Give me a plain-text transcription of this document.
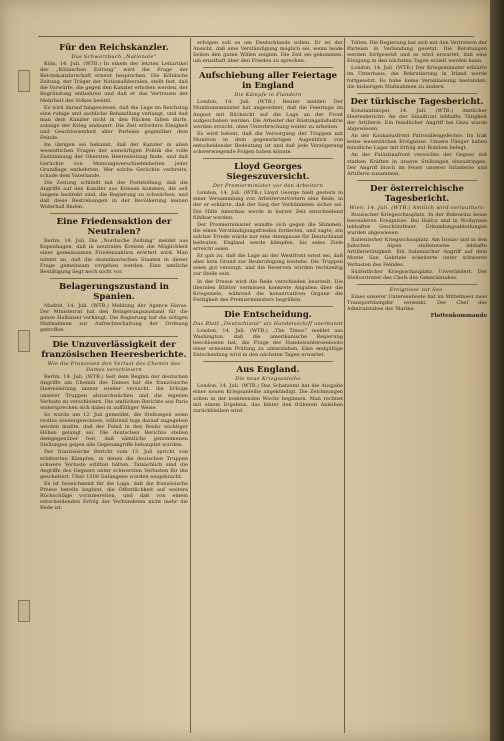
Für den Reichskanzler.
Das Schwarzbuch „Nationale“

Köln, 14. Juli. (WTB.) In einem der letzten Leitartikel der „Kölnischen Zeitung“ wird die Frage der Reichskanzlerschaft erneut besprochen. Die Kölnische Zeitung, der Träger der Nationalliberalen, stellt fest, daß die Vorwürfe, die gegen den Kanzler erhoben werden, der Begründung entbehren und daß er das Vertrauen der Mehrheit des Volkes besitzt.

Es wird darauf hingewiesen, daß die Lage im Reichstag eine ruhige und sachliche Behandlung verlangt, und daß man dem Kanzler nicht in den Rücken fallen dürfe, solange der Krieg andauert. Die Zeit erfordere Einigkeit und Geschlossenheit aller Parteien gegenüber dem Feinde.

Im übrigen sei bekannt, daß der Kanzler in allen wesentlichen Fragen der auswärtigen Politik die volle Zustimmung der Obersten Heeresleitung finde, und daß Gerüchte von Meinungsverschiedenheiten jeder Grundlage entbehrten. Wer solche Gerüchte verbreite, schade dem Vaterlande.

Die Zeitung schließt mit der Feststellung, daß die Angriffe auf den Kanzler aus Kreisen kommen, die seit langem bestrebt sind, die Regierung zu schwächen, und daß diese Bestrebungen in der Bevölkerung keinen Widerhall finden.

Eine Friedensaktion der Neutralen?

Berlin, 14. Juli. Die „Nordische Zeitung“ meldet aus Kopenhagen, daß in neutralen Kreisen die Möglichkeit einer gemeinsamen Friedensaktion erörtert wird. Man nimmt an, daß die skandinavischen Staaten in dieser Frage gemeinsam vorgehen werden. Eine amtliche Bestätigung liegt noch nicht vor.

Belagerungszustand in Spanien.

Madrid, 14. Juli. (WTB.) Meldung der Agence Havas. Der Ministerrat hat den Belagerungszustand für die ganze Halbinsel verhängt. Die Regierung hat die nötigen Maßnahmen zur Aufrechterhaltung der Ordnung getroffen.

Die Unzuverlässigkeit der französischen Heeresberichte.
Wie die Franzosen den Verlust des Chemin des Dames verschleiern

Berlin, 14. Juli. (WTB.) Seit dem Beginn der deutschen Angriffe am Chemin des Dames hat die französische Heeresleitung immer wieder versucht, die Erfolge unserer Truppen abzuschwächen und die eigenen Verluste zu verschleiern. Die amtlichen Berichte aus Paris widersprechen sich dabei in auffälliger Weise.

So wurde am 12. Juli gemeldet, die Stellungen seien restlos wiedergewonnen, während tags darauf zugegeben werden mußte, daß der Feind in den Besitz wichtiger Höhen gelangt sei. Die deutschen Berichte stellen demgegenüber fest, daß sämtliche genommenen Stellungen gegen alle Gegenangriffe behauptet wurden.

Der französische Bericht vom 13. Juli spricht von erbitterten Kämpfen, in denen die deutschen Truppen schwere Verluste erlitten hätten. Tatsächlich sind die Angriffe des Gegners unter schwersten Verlusten für ihn gescheitert. Über 1500 Gefangene wurden eingebracht.

Es ist bezeichnend für die Lage, daß die französische Presse bereits beginnt, die Öffentlichkeit auf weitere Rückschläge vorzubereiten, und daß von einem entscheidenden Erfolg der Verbündeten nicht mehr die Rede ist.

erfolgen soll es um Deutschlands willen. Er ist der Ansicht, daß eine Verständigung möglich sei, wenn beide Seiten den guten Willen zeigten. Die Zeit sei gekommen, um ernsthaft über den Frieden zu sprechen.

Aufschiebung aller Feiertage in England
Die Kämpfe in Flandern

London, 14. Juli. (WTB.) Reuter meldet: Der Munitionsminister hat angeordnet, daß die Feiertage im August mit Rücksicht auf die Lage an der Front aufgeschoben werden. Die Arbeiter der Rüstungsindustrie werden ersucht, ohne Unterbrechung weiter zu arbeiten.

Es wird betont, daß die Versorgung der Truppen mit Munition in dem gegenwärtigen Augenblick von entscheidender Bedeutung ist und daß jede Verzögerung schwerwiegende Folgen haben könnte.

Lloyd Georges Siegeszuversicht.
Der Premierminister vor den Arbeitern

London, 14. Juli. (WTB.) Lloyd George hielt gestern in einer Versammlung von Arbeitervertretern eine Rede, in der er erklärte, daß der Sieg der Verbündeten sicher sei. Die Hilfe Amerikas werde in kurzer Zeit entscheidend fühlbar werden.

Der Premierminister wandte sich gegen die Stimmen, die einen Verständigungsfrieden forderten, und sagte, ein solcher Friede würde nur eine Atempause für Deutschland bedeuten. England werde kämpfen, bis seine Ziele erreicht seien.

Er gab zu, daß die Lage an der Westfront ernst sei, daß aber kein Grund zur Beunruhigung bestehe. Die Truppen seien gut versorgt, und die Reserven würden rechtzeitig zur Stelle sein.

In der Presse wird die Rede verschieden beurteilt. Die liberalen Blätter vermissen konkrete Angaben über die Kriegsziele, während die konservativen Organe die Festigkeit des Premierministers begrüßen.

Die Entscheidung.
Das Blatt „Deutschland“ als Handelsschiff anerkannt

London, 14. Juli. (WTB.) „The Times“ meldet aus Washington, daß die amerikanische Regierung beschlossen hat, die Frage der Handelsunterseeboote einer erneuten Prüfung zu unterziehen. Eine endgültige Entscheidung wird in den nächsten Tagen erwartet.

Aus England.
Die neue Kriegsanleihe

London, 14. Juli. (WTB.) Das Schatzamt hat die Ausgabe einer neuen Kriegsanleihe angekündigt. Die Zeichnungen sollen in der kommenden Woche beginnen. Man rechnet mit einem Ergebnis, das hinter den früheren Anleihen zurückbleiben wird.

Teilen. Die Regierung hat sich mit den Vertretern der Parteien in Verbindung gesetzt. Die Beratungen werden fortgesetzt und es wird erwartet, daß eine Einigung in den nächsten Tagen erzielt werden kann.

London, 14. Juli. (WTB.) Der Kriegsminister erklärte im Unterhaus, die Rekrutierung in Irland werde fortgesetzt. Es habe keine Veranlassung bestanden, die bisherigen Maßnahmen zu ändern.

Der türkische Tagesbericht.

Konstantinopel, 14. Juli. (WTB.) Amtlicher Heeresbericht: An der Sinaifront lebhafte Tätigkeit der Artillerie. Ein feindlicher Angriff bei Gaza wurde abgewiesen.

An der Kaukasusfront Patrouillengefechte. Im Irak keine wesentlichen Ereignisse. Unsere Flieger haben feindliche Lager mit Erfolg mit Bomben belegt.

An der Palästinafront versuchte der Gegner mit starken Kräften in unsere Stellungen einzudringen. Der Angriff brach im Feuer unserer Infanterie und Artillerie zusammen.

Der österreichische Tagesbericht.
Wien, 14. Juli. (WTB.) Amtlich wird verlautbart:

Russischer Kriegsschauplatz. In der Bukowina keine besonderen Ereignisse. Bei Halicz und in Wolhynien lebhaftes Geschützfeuer. Erkundungsabteilungen wurden abgewiesen.

Italienischer Kriegsschauplatz. Am Isonzo und in den Julischen Alpen stellenweise lebhafte Artillerietätigkeit. Ein italienischer Angriff auf dem Monte San Gabriele scheiterte unter schweren Verlusten des Feindes.

Südöstlicher Kriegsschauplatz. Unverändert. Der Stellvertreter des Chefs des Generalstabes.

Ereignisse zur See.

Eines unserer Unterseeboote hat im Mittelmeer zwei Transportdampfer versenkt. Der Chef des Admiralstabes der Marine.

Flottenkommando
